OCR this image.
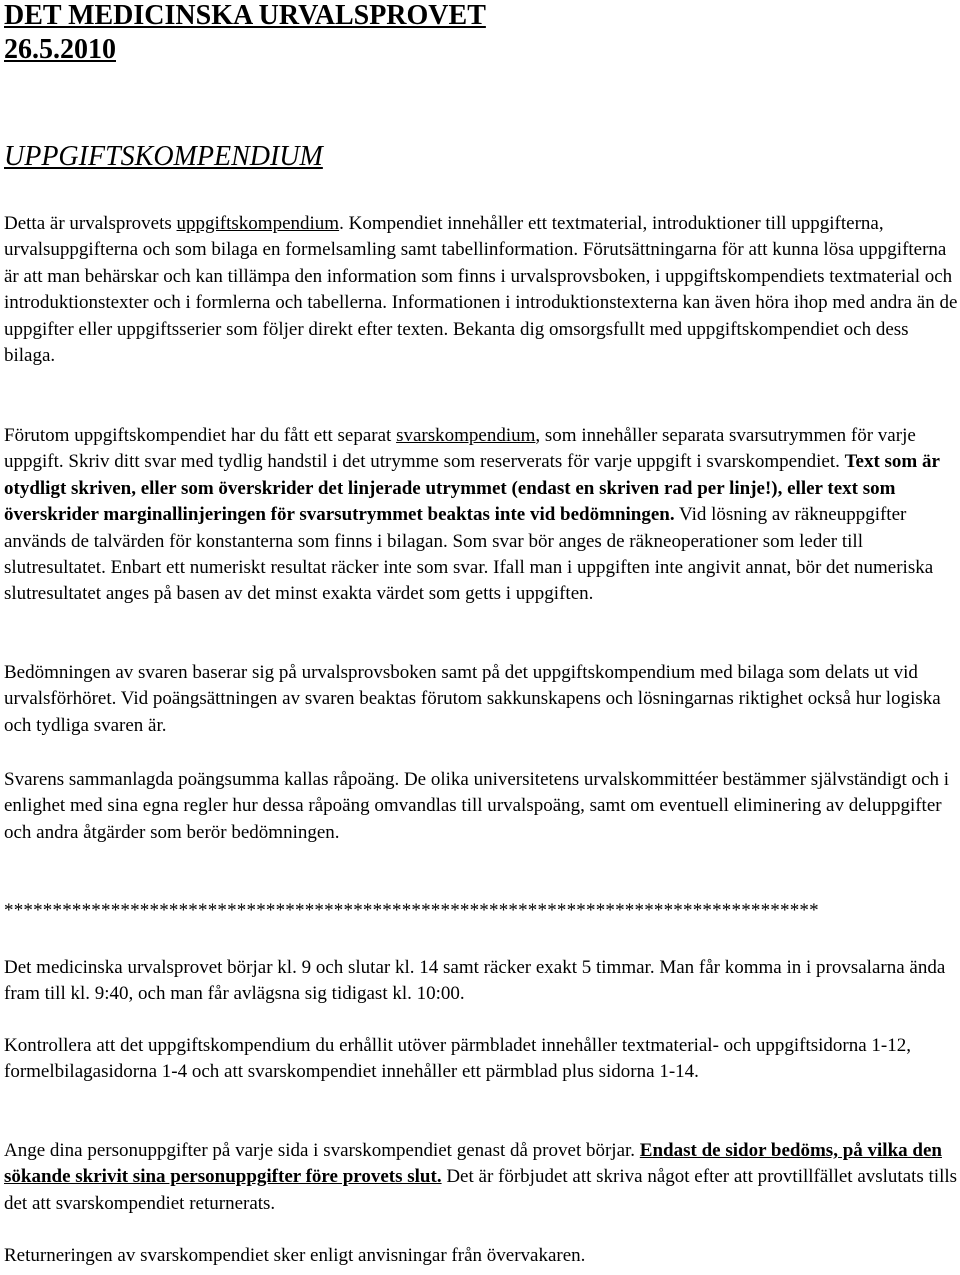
DET MEDICINSKA URVALSPROVET
26.5.2010
UPPGIFTSKOMPENDIUM

Detta är urvalsprovets uppgiftskompendium. Kompendiet innehåller ett textmaterial, introduktioner till uppgifterna, urvalsuppgifterna och som bilaga en formelsamling samt tabellinformation. Förutsättningarna för att kunna lösa uppgifterna är att man behärskar och kan tillämpa den information som finns i urvalsprovsboken, i uppgiftskompendiets textmaterial och introduktionstexter och i formlerna och tabellerna. Informationen i introduktionstexterna kan även höra ihop med andra än de uppgifter eller uppgiftsserier som följer direkt efter texten. Bekanta dig omsorgsfullt med uppgiftskompendiet och dess bilaga.

Förutom uppgiftskompendiet har du fått ett separat svarskompendium, som innehåller separata svarsutrymmen för varje uppgift. Skriv ditt svar med tydlig handstil i det utrymme som reserverats för varje uppgift i svarskompendiet. Text som är otydligt skriven, eller som överskrider det linjerade utrymmet (endast en skriven rad per linje!), eller text som överskrider marginallinjeringen för svarsutrymmet beaktas inte vid bedömningen. Vid lösning av räkneuppgifter används de talvärden för konstanterna som finns i bilagan. Som svar bör anges de räkneoperationer som leder till slutresultatet. Enbart ett numeriskt resultat räcker inte som svar. Ifall man i uppgiften inte angivit annat, bör det numeriska slutresultatet anges på basen av det minst exakta värdet som getts i uppgiften.

Bedömningen av svaren baserar sig på urvalsprovsboken samt på det uppgiftskompendium med bilaga som delats ut vid urvalsförhöret. Vid poängsättningen av svaren beaktas förutom sakkunskapens och lösningarnas riktighet också hur logiska och tydliga svaren är.

Svarens sammanlagda poängsumma kallas råpoäng. De olika universitetens urvalskommittéer bestämmer självständigt och i enlighet med sina egna regler hur dessa råpoäng omvandlas till urvalspoäng, samt om eventuell eliminering av deluppgifter och andra åtgärder som berör bedömningen.

************************************************************************************

Det medicinska urvalsprovet börjar kl. 9 och slutar kl. 14 samt räcker exakt 5 timmar. Man får komma in i provsalarna ända fram till kl. 9:40, och man får avlägsna sig tidigast kl. 10:00.

Kontrollera att det uppgiftskompendium du erhållit utöver pärmbladet innehåller textmaterial- och uppgiftsidorna 1-12, formelbilagasidorna 1-4 och att svarskompendiet innehåller ett pärmblad plus sidorna 1-14.

Ange dina personuppgifter på varje sida i svarskompendiet genast då provet börjar. Endast de sidor bedöms, på vilka den sökande skrivit sina personuppgifter före provets slut. Det är förbjudet att skriva något efter att provtillfället avslutats tills det att svarskompendiet returnerats.

Returneringen av svarskompendiet sker enligt anvisningar från övervakaren.
